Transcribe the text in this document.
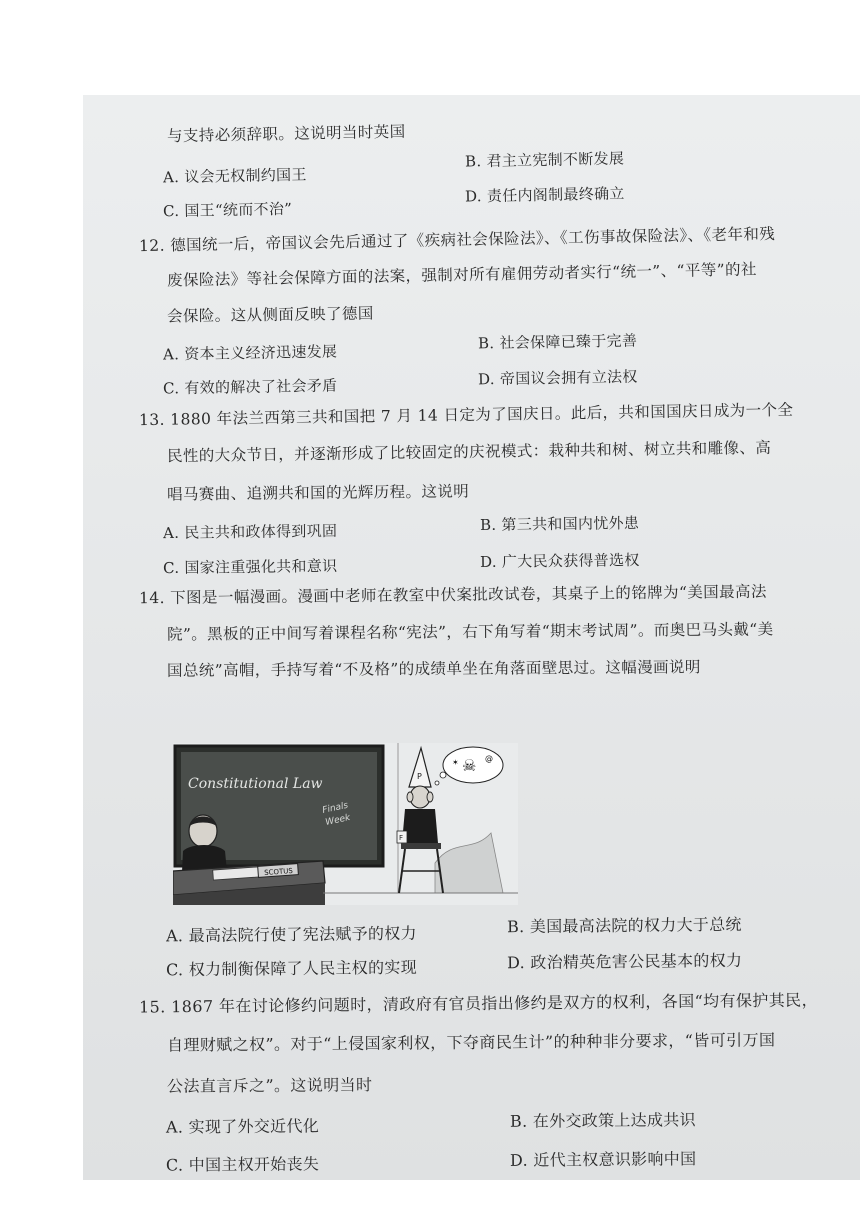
与支持必须辞职。这说明当时英国
A. 议会无权制约国王
B. 君主立宪制不断发展
C. 国王“统而不治”
D. 责任内阁制最终确立
12. 德国统一后，帝国议会先后通过了《疾病社会保险法》、《工伤事故保险法》、《老年和残
废保险法》等社会保障方面的法案，强制对所有雇佣劳动者实行“统一”、“平等”的社
会保险。这从侧面反映了德国
A. 资本主义经济迅速发展
B. 社会保障已臻于完善
C. 有效的解决了社会矛盾	D. 帝国议会拥有立法权
13. 1880 年法兰西第三共和国把 7 月 14 日定为了国庆日。此后，共和国国庆日成为一个全
民性的大众节日，并逐渐形成了比较固定的庆祝模式：栽种共和树、树立共和雕像、高
唱马赛曲、追溯共和国的光辉历程。这说明
A. 民主共和政体得到巩固	B. 第三共和国内忧外患
C. 国家注重强化共和意识	D. 广大民众获得普选权
14. 下图是一幅漫画。漫画中老师在教室中伏案批改试卷，其桌子上的铭牌为“美国最高法
院”。黑板的正中间写着课程名称“宪法”，右下角写着“期末考试周”。而奥巴马头戴“美
国总统”高帽，手持写着“不及格”的成绩单坐在角落面壁思过。这幅漫画说明
Constitutional Law
Finals
Week
SCOTUS
P
F
☠
✶	@
A. 最高法院行使了宪法赋予的权力	B. 美国最高法院的权力大于总统
C. 权力制衡保障了人民主权的实现	D. 政治精英危害公民基本的权力
15. 1867 年在讨论修约问题时，清政府有官员指出修约是双方的权利，各国“均有保护其民，
自理财赋之权”。对于“上侵国家利权，下夺商民生计”的种种非分要求，“皆可引万国
公法直言斥之”。这说明当时
A. 实现了外交近代化	B. 在外交政策上达成共识
C. 中国主权开始丧失	D. 近代主权意识影响中国
